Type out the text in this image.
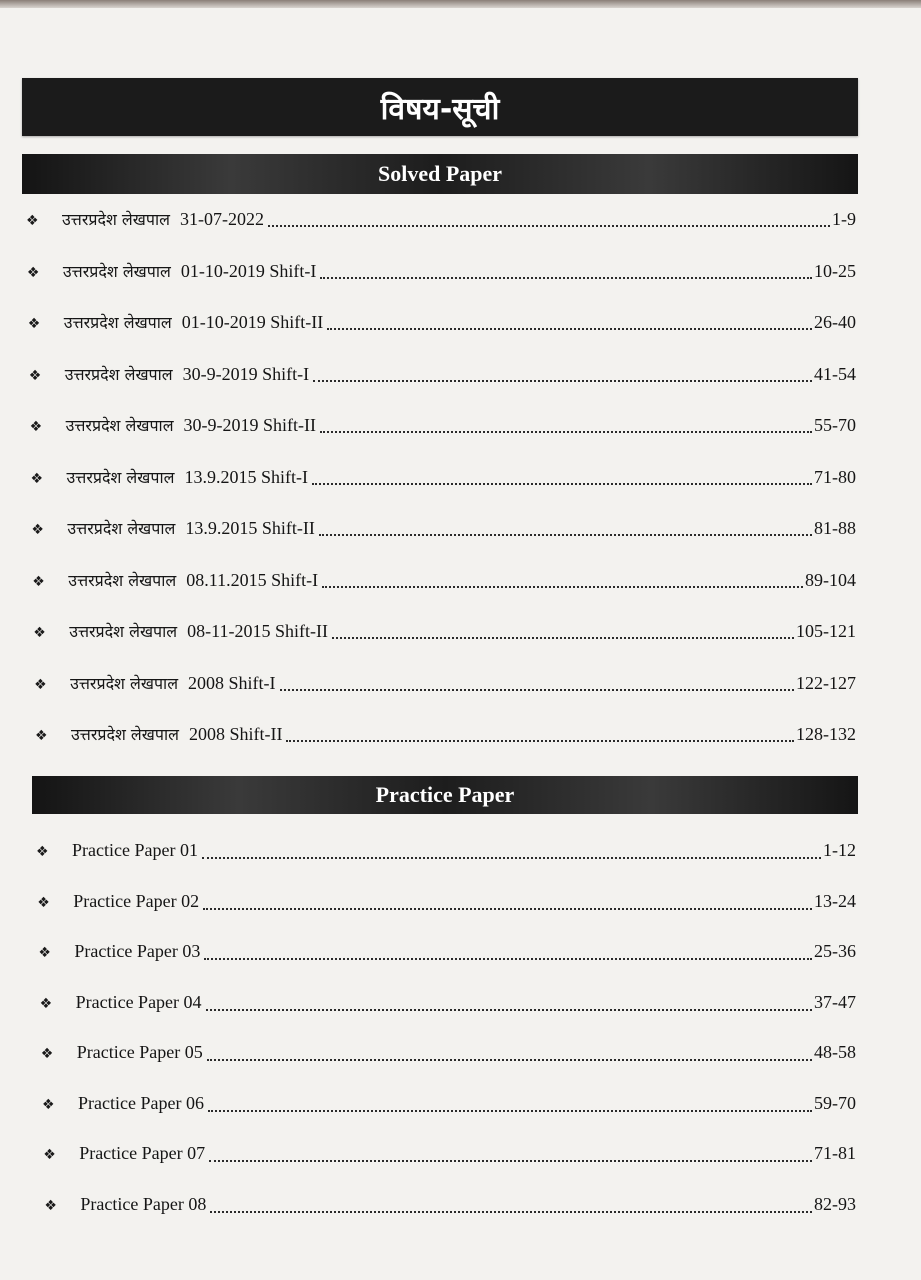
विषय-सूची
Solved Paper
❖	उत्तरप्रदेश लेखपाल 31-07-2022	1-9
❖	उत्तरप्रदेश लेखपाल 01-10-2019 Shift-I	10-25
❖	उत्तरप्रदेश लेखपाल 01-10-2019 Shift-II	26-40
❖	उत्तरप्रदेश लेखपाल 30-9-2019 Shift-I	41-54
❖	उत्तरप्रदेश लेखपाल 30-9-2019 Shift-II	55-70
❖	उत्तरप्रदेश लेखपाल 13.9.2015 Shift-I	71-80
❖	उत्तरप्रदेश लेखपाल 13.9.2015 Shift-II	81-88
❖	उत्तरप्रदेश लेखपाल 08.11.2015 Shift-I	89-104
❖	उत्तरप्रदेश लेखपाल 08-11-2015 Shift-II	105-121
❖	उत्तरप्रदेश लेखपाल 2008 Shift-I	122-127
❖	उत्तरप्रदेश लेखपाल 2008 Shift-II	128-132
Practice Paper
❖	Practice Paper 01	1-12
❖	Practice Paper 02	13-24
❖	Practice Paper 03	25-36
❖	Practice Paper 04	37-47
❖	Practice Paper 05	48-58
❖	Practice Paper 06	59-70
❖	Practice Paper 07	71-81
❖	Practice Paper 08	82-93
